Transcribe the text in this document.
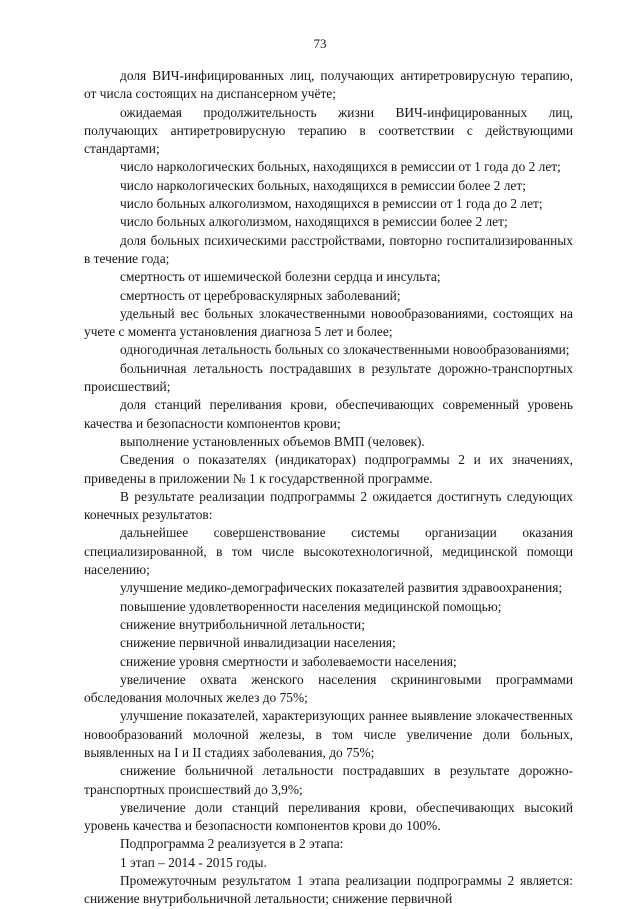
73

доля ВИЧ-инфицированных лиц, получающих антиретровирусную терапию, от числа состоящих на диспансерном учёте;

ожидаемая продолжительность жизни ВИЧ-инфицированных лиц, получающих антиретровирусную терапию в соответствии с действующими стандартами;

число наркологических больных, находящихся в ремиссии от 1 года до 2 лет;

число наркологических больных, находящихся в ремиссии более 2 лет;

число больных алкоголизмом, находящихся в ремиссии от 1 года до 2 лет;

число больных алкоголизмом, находящихся в ремиссии более 2 лет;

доля больных психическими расстройствами, повторно госпитализированных в течение года;

смертность от ишемической болезни сердца и инсульта;

смертность от цереброваскулярных заболеваний;

удельный вес больных злокачественными новообразованиями, состоящих на учете с момента установления диагноза 5 лет и более;

одногодичная летальность больных со злокачественными новообразованиями;

больничная летальность пострадавших в результате дорожно-транспортных происшествий;

доля станций переливания крови, обеспечивающих современный уровень качества и безопасности компонентов крови;

выполнение установленных объемов ВМП (человек).

Сведения о показателях (индикаторах) подпрограммы 2 и их значениях, приведены в приложении № 1 к государственной программе.

В результате реализации подпрограммы 2 ожидается достигнуть следующих конечных результатов:

дальнейшее совершенствование системы организации оказания специализированной, в том числе высокотехнологичной, медицинской помощи населению;

улучшение медико-демографических показателей развития здравоохранения;

повышение удовлетворенности населения медицинской помощью;

снижение внутрибольничной летальности;

снижение первичной инвалидизации населения;

снижение уровня смертности и заболеваемости населения;

увеличение охвата женского населения скрининговыми программами обследования молочных желез до 75%;

улучшение показателей, характеризующих раннее выявление злокачественных новообразований молочной железы, в том числе увеличение доли больных, выявленных на I и II стадиях заболевания, до 75%;

снижение больничной летальности пострадавших в результате дорожно-транспортных происшествий до 3,9%;

увеличение доли станций переливания крови, обеспечивающих высокий уровень качества и безопасности компонентов крови до 100%.

Подпрограмма 2 реализуется в 2 этапа:

1 этап – 2014 - 2015 годы.

Промежуточным результатом 1 этапа реализации подпрограммы 2 является: снижение внутрибольничной летальности; снижение первичной
